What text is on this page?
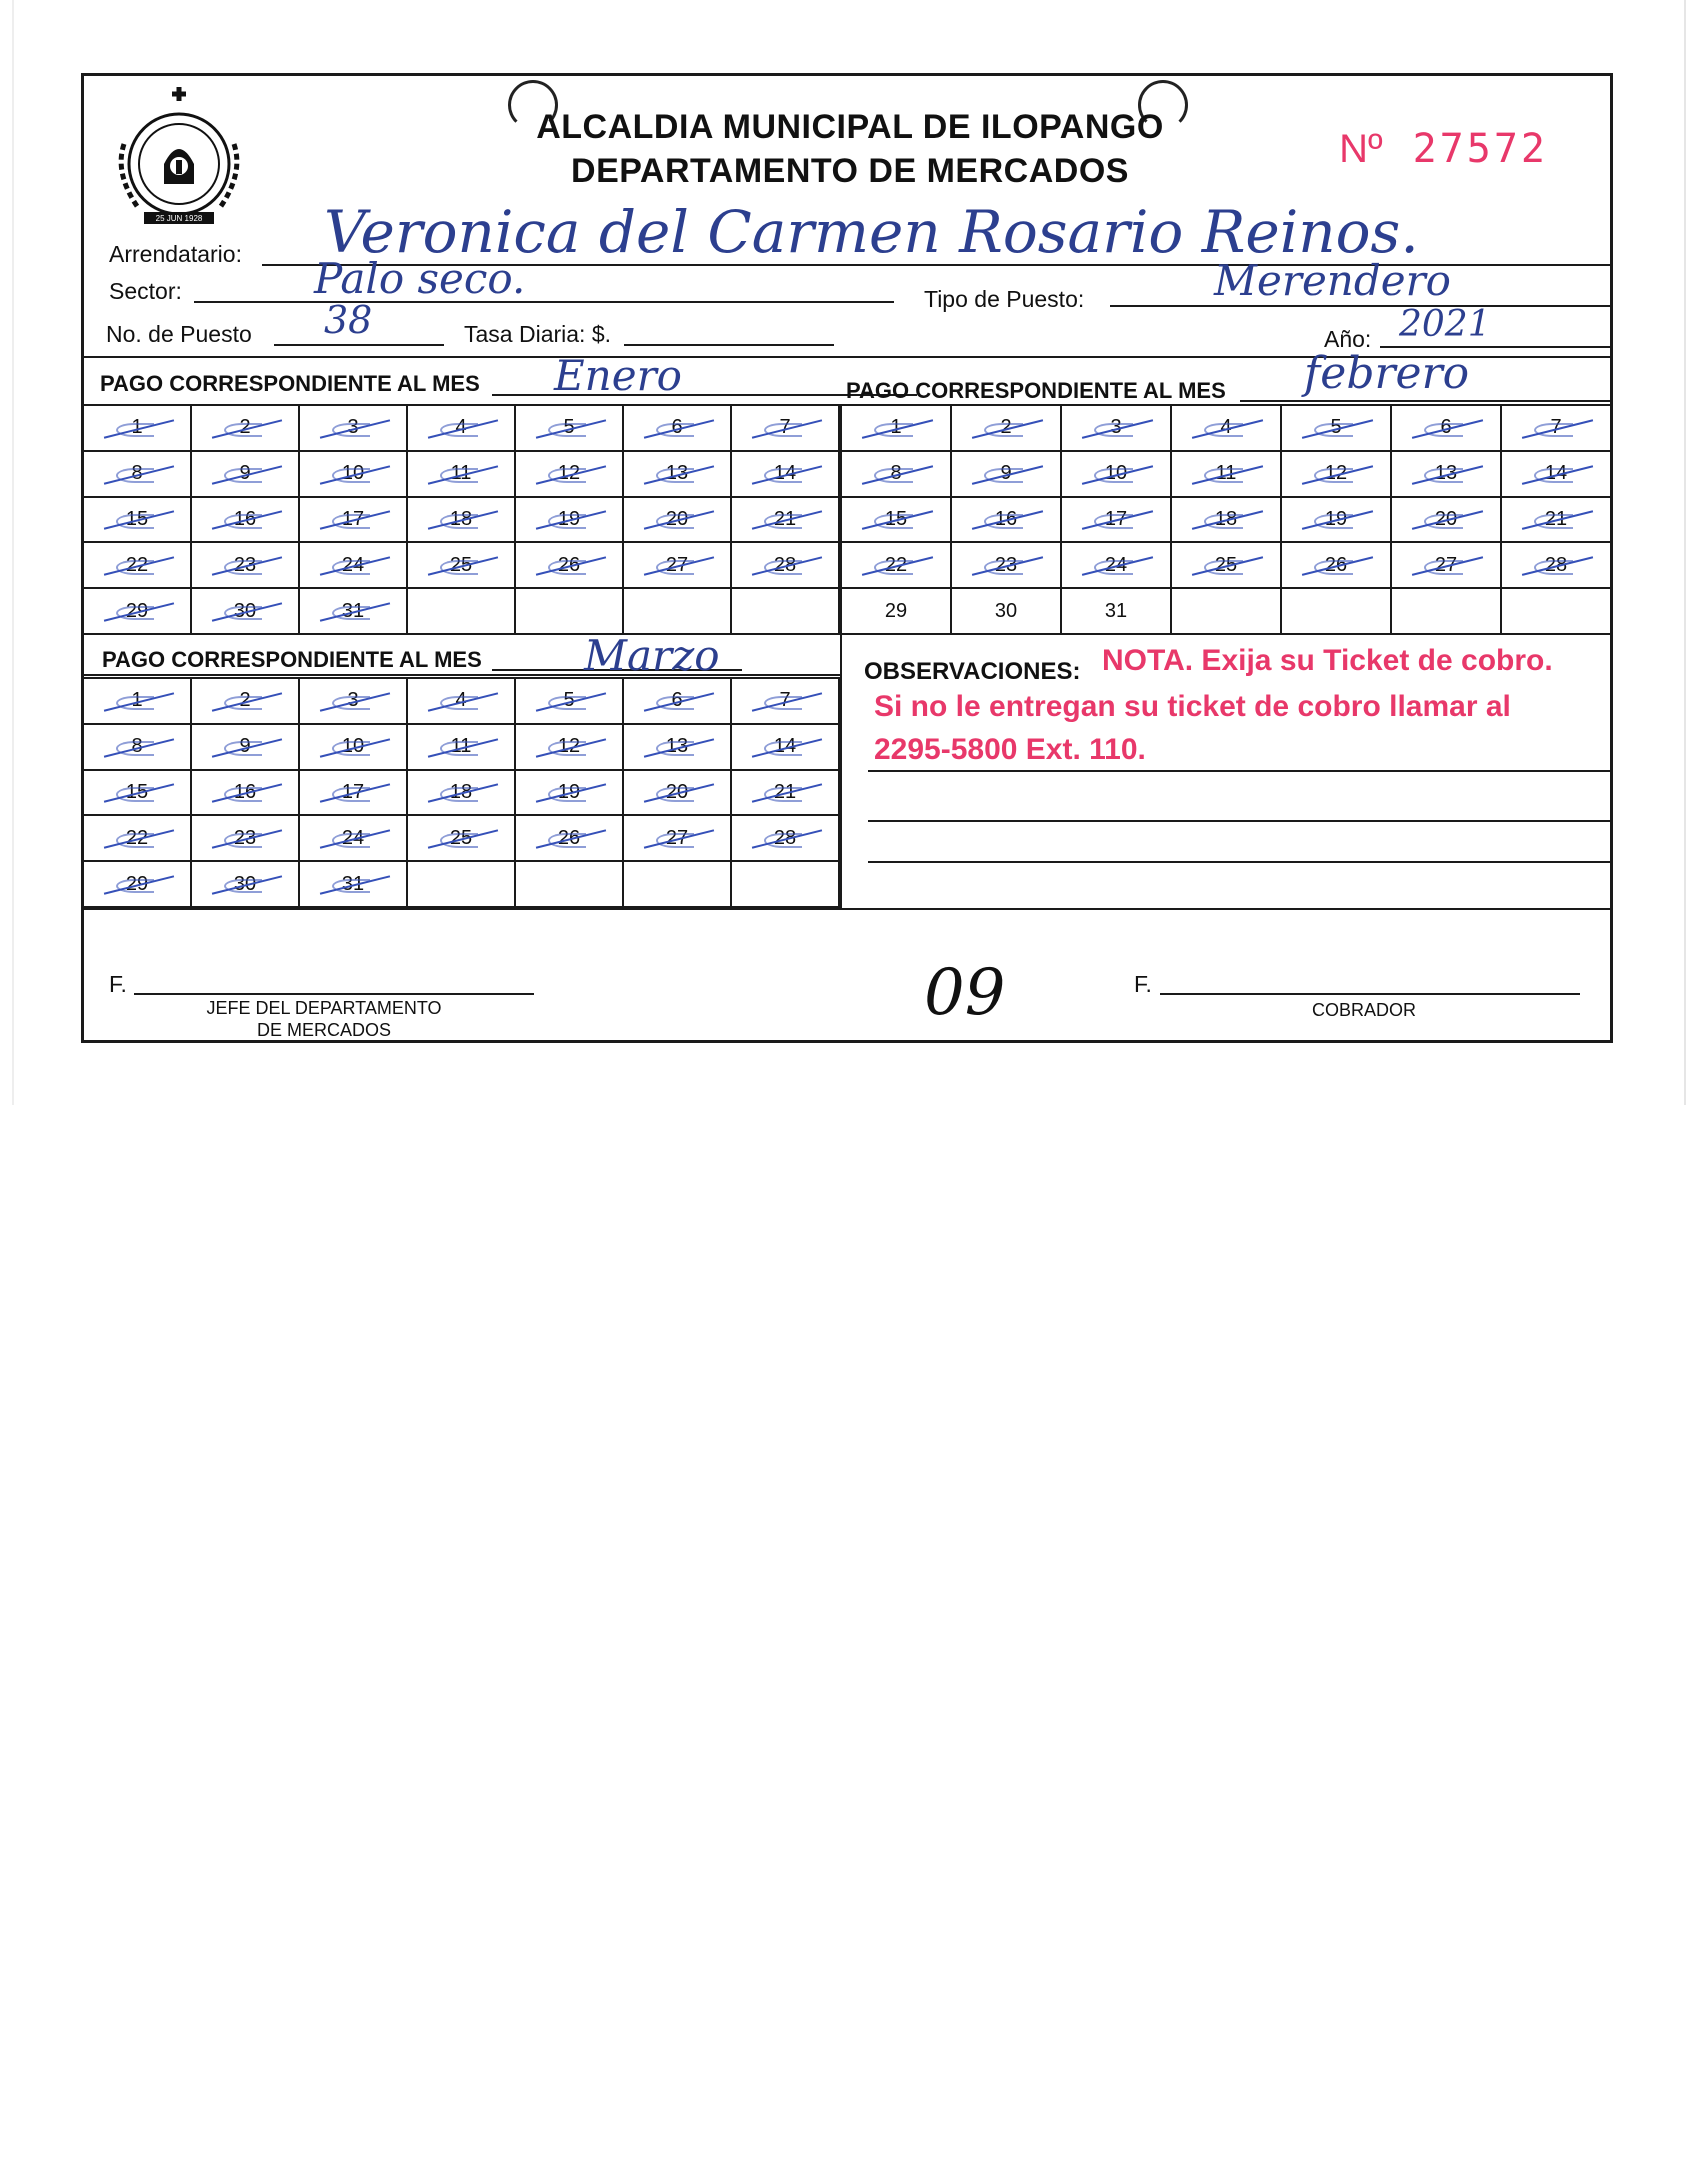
25 JUN 1928
ALCALDIA MUNICIPAL DE ILOPANGO
DEPARTAMENTO DE MERCADOS	Nº 27572
Arrendatario: Veronica del Carmen Rosario Reinos.
Sector:	Palo seco.	Tipo de Puesto:	Merendero
No. de Puesto 38	Tasa Diaria: $.	Año: 2021
PAGO CORRESPONDIENTE AL MES Enero	PAGO CORRESPONDIENTE AL MES febrero
1	2	3	4	5	6	7
8	9	10	11	12	13	14
15	16	17	18	19	20	21
22	23	24	25	26	27	28
29	30	31				
1	2	3	4	5	6	7
8	9	10	11	12	13	14
15	16	17	18	19	20	21
22	23	24	25	26	27	28
29	30	31				
PAGO CORRESPONDIENTE AL MES Marzo
1	2	3	4	5	6	7
8	9	10	11	12	13	14
15	16	17	18	19	20	21
22	23	24	25	26	27	28
29	30	31				
OBSERVACIONES: NOTA. Exija su Ticket de cobro.
Si no le entregan su ticket de cobro llamar al
2295-5800 Ext. 110.
F.
JEFE DEL DEPARTAMENTO
DE MERCADOS	09	F.
COBRADOR
